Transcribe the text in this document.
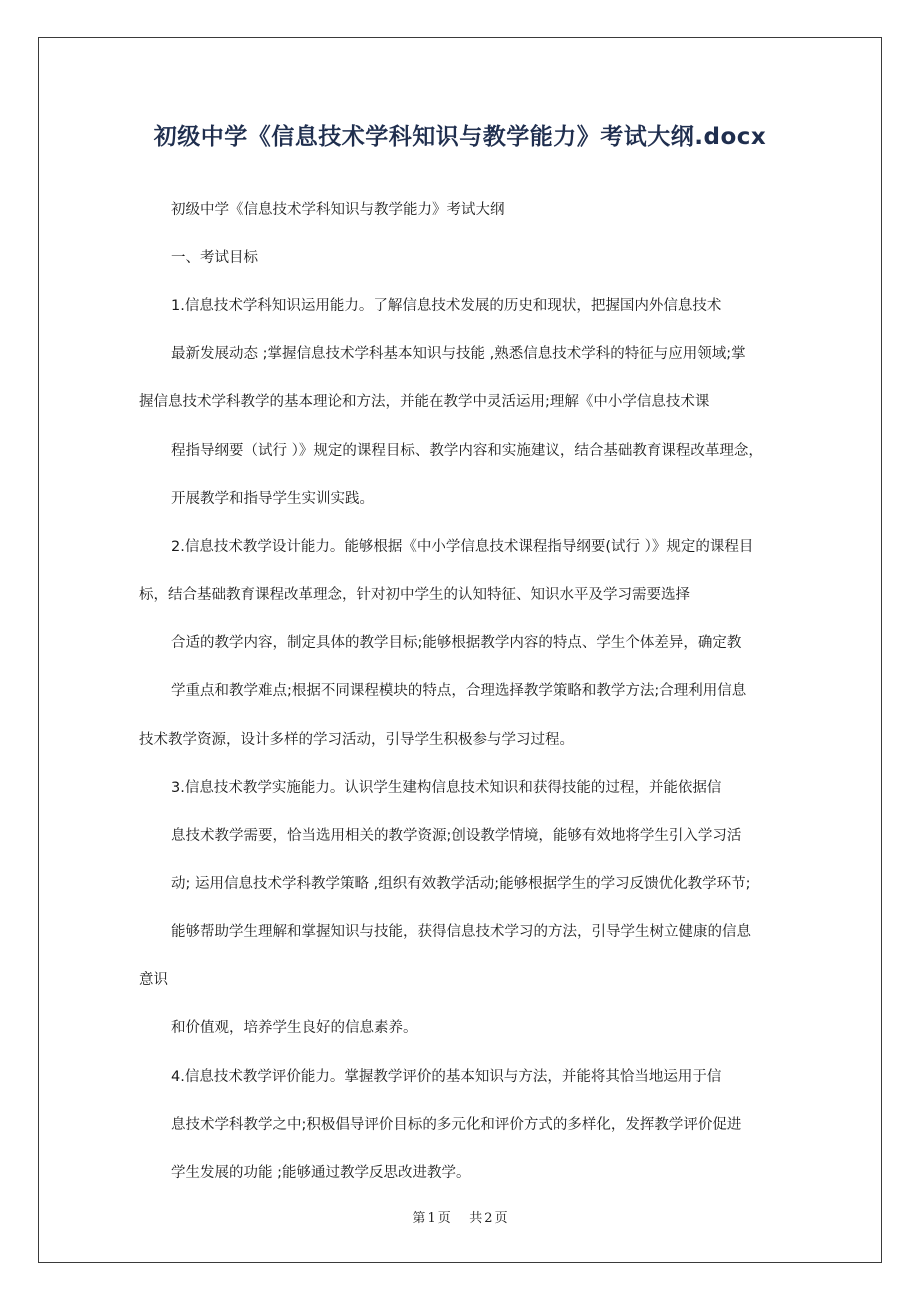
初级中学《信息技术学科知识与教学能力》考试大纲.docx
初级中学《信息技术学科知识与教学能力》考试大纲
一、考试目标
1.信息技术学科知识运用能力。了解信息技术发展的历史和现状，把握国内外信息技术
最新发展动态 ;掌握信息技术学科基本知识与技能 ,熟悉信息技术学科的特征与应用领域;掌
握信息技术学科教学的基本理论和方法，并能在教学中灵活运用;理解《中小学信息技术课
程指导纲要（试行 ）》规定的课程目标、教学内容和实施建议，结合基础教育课程改革理念，
开展教学和指导学生实训实践。
2.信息技术教学设计能力。能够根据《中小学信息技术课程指导纲要(试行 ）》规定的课程目
标，结合基础教育课程改革理念，针对初中学生的认知特征、知识水平及学习需要选择
合适的教学内容，制定具体的教学目标;能够根据教学内容的特点、学生个体差异，确定教
学重点和教学难点;根据不同课程模块的特点，合理选择教学策略和教学方法;合理利用信息
技术教学资源，设计多样的学习活动，引导学生积极参与学习过程。
3.信息技术教学实施能力。认识学生建构信息技术知识和获得技能的过程，并能依据信
息技术教学需要，恰当选用相关的教学资源;创设教学情境，能够有效地将学生引入学习活
动; 运用信息技术学科教学策略 ,组织有效教学活动;能够根据学生的学习反馈优化教学环节;
能够帮助学生理解和掌握知识与技能，获得信息技术学习的方法，引导学生树立健康的信息
意识
和价值观，培养学生良好的信息素养。
4.信息技术教学评价能力。掌握教学评价的基本知识与方法，并能将其恰当地运用于信
息技术学科教学之中;积极倡导评价目标的多元化和评价方式的多样化，发挥教学评价促进
学生发展的功能 ;能够通过教学反思改进教学。
第 1 页 共 2 页
